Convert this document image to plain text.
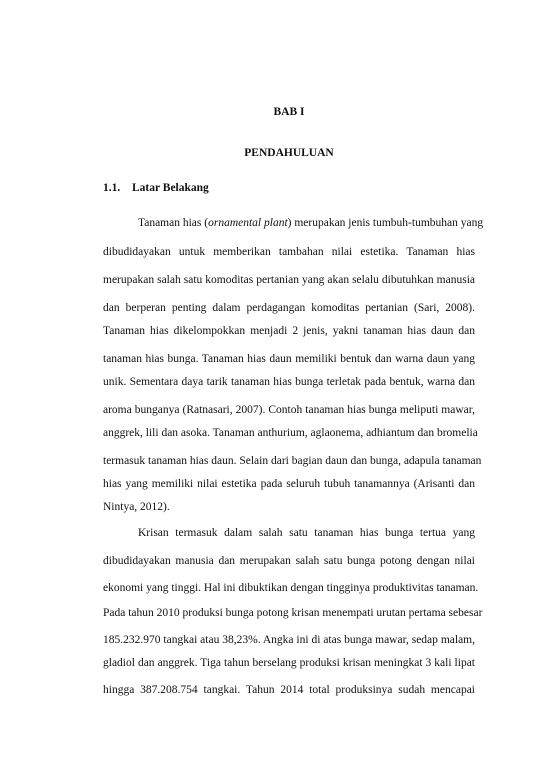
BAB I

PENDAHULUAN

1.1. Latar Belakang

Tanaman hias (ornamental plant) merupakan jenis tumbuh-tumbuhan yang

dibudidayakan untuk memberikan tambahan nilai estetika. Tanaman hias

merupakan salah satu komoditas pertanian yang akan selalu dibutuhkan manusia

dan berperan penting dalam perdagangan komoditas pertanian (Sari, 2008).

Tanaman hias dikelompokkan menjadi 2 jenis, yakni tanaman hias daun dan

tanaman hias bunga. Tanaman hias daun memiliki bentuk dan warna daun yang

unik. Sementara daya tarik tanaman hias bunga terletak pada bentuk, warna dan

aroma bunganya (Ratnasari, 2007). Contoh tanaman hias bunga meliputi mawar,

anggrek, lili dan asoka. Tanaman anthurium, aglaonema, adhiantum dan bromelia

termasuk tanaman hias daun. Selain dari bagian daun dan bunga, adapula tanaman

hias yang memiliki nilai estetika pada seluruh tubuh tanamannya (Arisanti dan

Nintya, 2012).

Krisan termasuk dalam salah satu tanaman hias bunga tertua yang

dibudidayakan manusia dan merupakan salah satu bunga potong dengan nilai

ekonomi yang tinggi. Hal ini dibuktikan dengan tingginya produktivitas tanaman.

Pada tahun 2010 produksi bunga potong krisan menempati urutan pertama sebesar

185.232.970 tangkai atau 38,23%. Angka ini di atas bunga mawar, sedap malam,

gladiol dan anggrek. Tiga tahun berselang produksi krisan meningkat 3 kali lipat

hingga 387.208.754 tangkai. Tahun 2014 total produksinya sudah mencapai
